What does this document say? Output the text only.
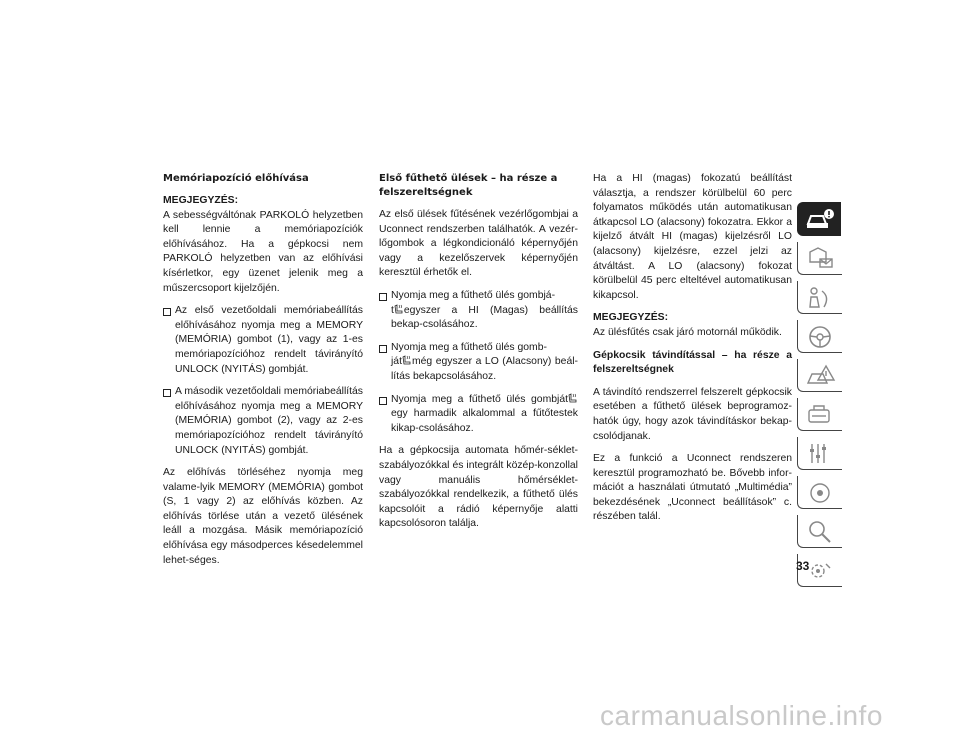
Memóriapozíció előhívása

MEGJEGYZÉS:
A sebességváltónak PARKOLÓ helyzetben kell lennie a memóriapozíciók előhívásához. Ha a gépkocsi nem PARKOLÓ helyzetben van az előhívási kísérletkor, egy üzenet jelenik meg a műszercsoport kijelzőjén.

Az első vezetőoldali memóriabeállítás előhívásához nyomja meg a MEMORY (MEMÓRIA) gombot (1), vagy az 1-es memóriapozícióhoz rendelt távirányító UNLOCK (NYITÁS) gombját.
A második vezetőoldali memóriabeállítás előhívásához nyomja meg a MEMORY (MEMÓRIA) gombot (2), vagy az 2-es memóriapozícióhoz rendelt távirányító UNLOCK (NYITÁS) gombját.

Az előhívás törléséhez nyomja meg valame-lyik MEMORY (MEMÓRIA) gombot (S, 1 vagy 2) az előhívás közben. Az előhívás törlése után a vezető ülésének leáll a mozgása. Másik memóriapozíció előhívása egy másodperces késedelemmel lehet-séges.

Első fűthető ülések – ha része a felszereltségnek

Az első ülések fűtésének vezérlőgombjai a Uconnect rendszerben találhatók. A vezér-lőgombok a légkondicionáló képernyőjén vagy a kezelőszervek képernyőjén keresztül érhetők el.

Nyomja meg a fűthető ülés gombjá-
t egyszer a HI (Magas) beállítás bekap-csolásához.
Nyomja meg a fűthető ülés gomb-
ját még egyszer a LO (Alacsony) beál-lítás bekapcsolásához.
Nyomja meg a fűthető ülés gombjátegy harmadik alkalommal a fűtőtestek kikap-csolásához.

Ha a gépkocsija automata hőmér-séklet-szabályozókkal és integrált közép-konzollal vagy manuális hőmérséklet-szabályozókkal rendelkezik, a fűthető ülés kapcsolóit a rádió képernyője alatti kapcsolósoron találja.

Ha a HI (magas) fokozatú beállítást választja, a rendszer körülbelül 60 perc folyamatos működés után automatikusan átkapcsol LO (alacsony) fokozatra. Ekkor a kijelző átvált HI (magas) kijelzésről LO (alacsony) kijelzésre, ezzel jelzi az átváltást. A LO (alacsony) fokozat körülbelül 45 perc elteltével automatikusan kikapcsol.

MEGJEGYZÉS:
Az ülésfűtés csak járó motornál működik.

Gépkocsik távindítással – ha része a felszereltségnek

A távindító rendszerrel felszerelt gépkocsik esetében a fűthető ülések beprogramoz-hatók úgy, hogy azok távindításkor bekap-csolódjanak.

Ez a funkció a Uconnect rendszeren keresztül programozható be. Bővebb infor-mációt a használati útmutató „Multimédia” bekezdésének „Uconnect beállítások” c. részében talál.

33
carmanualsonline.info
